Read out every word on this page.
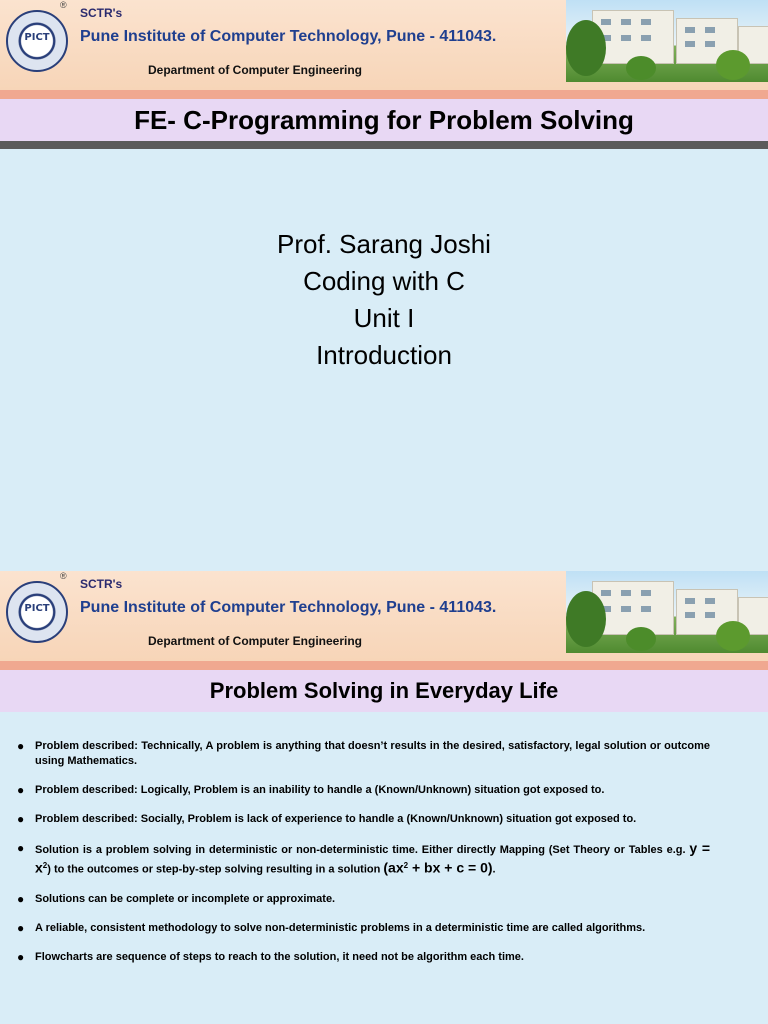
PICT
®
SCTR's
Pune Institute of Computer Technology, Pune - 411043.
Department of Computer Engineering
FE- C-Programming for Problem Solving
Prof. Sarang Joshi
Coding with C
Unit I
Introduction
PICT
®
SCTR's
Pune Institute of Computer Technology, Pune - 411043.
Department of Computer Engineering
Problem Solving in Everyday Life
● Problem described: Technically, A problem is anything that doesn’t results in the desired, satisfactory, legal solution or outcome using Mathematics.
● Problem described: Logically, Problem is an inability to handle a (Known/Unknown) situation got exposed to.
● Problem described: Socially, Problem is lack of experience to handle a (Known/Unknown) situation got exposed to.
● Solution is a problem solving in deterministic or non-deterministic time. Either directly Mapping (Set Theory or Tables e.g. $y = x^2$) to the outcomes or step-by-step solving resulting in a solution ($ax^2$ + bx + c = 0).
● Solutions can be complete or incomplete or approximate.
● A reliable, consistent methodology to solve non-deterministic problems in a deterministic time are called algorithms.
● Flowcharts are sequence of steps to reach to the solution, it need not be algorithm each time.
